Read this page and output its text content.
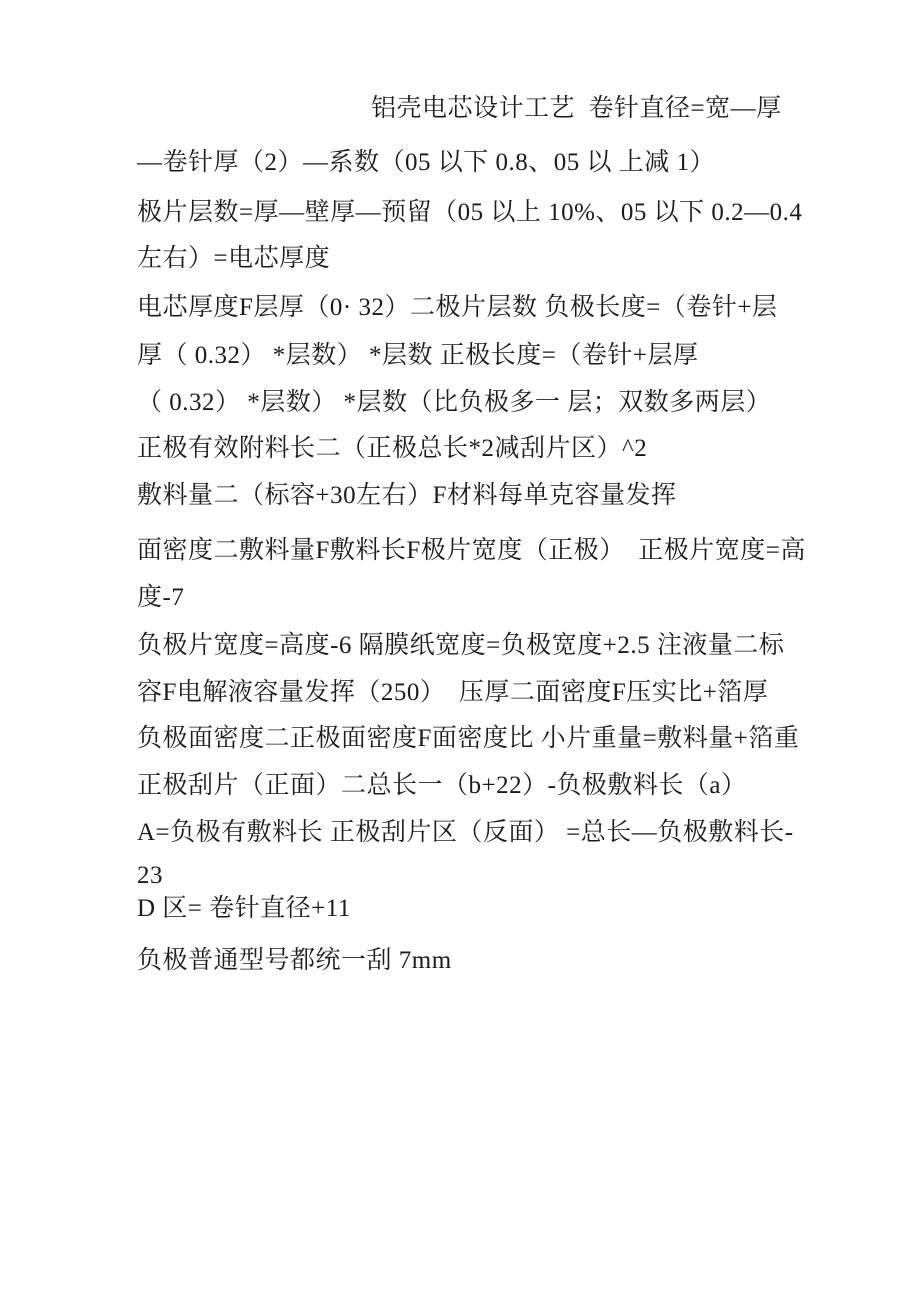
铝壳电芯设计工艺  卷针直径=宽—厚
—卷针厚（2）—系数（05 以下 0.8、05 以 上减 1）
极片层数=厚—壁厚—预留（05 以上 10%、05 以下 0.2—0.4
左右）=电芯厚度
电芯厚度F层厚（0· 32）二极片层数 负极长度=（卷针+层
厚（ 0.32） *层数） *层数 正极长度=（卷针+层厚
（ 0.32） *层数） *层数（比负极多一 层；双数多两层）
正极有效附料长二（正极总长*2减刮片区）^2
敷料量二（标容+30左右）F材料每单克容量发挥
面密度二敷料量F敷料长F极片宽度（正极）  正极片宽度=高
度-7
负极片宽度=高度-6 隔膜纸宽度=负极宽度+2.5 注液量二标
容F电解液容量发挥（250）  压厚二面密度F压实比+箔厚
负极面密度二正极面密度F面密度比 小片重量=敷料量+箔重
正极刮片（正面）二总长一（b+22）-负极敷料长（a）
A=负极有敷料长 正极刮片区（反面） =总长—负极敷料长-
23
D 区= 卷针直径+11
负极普通型号都统一刮 7mm
